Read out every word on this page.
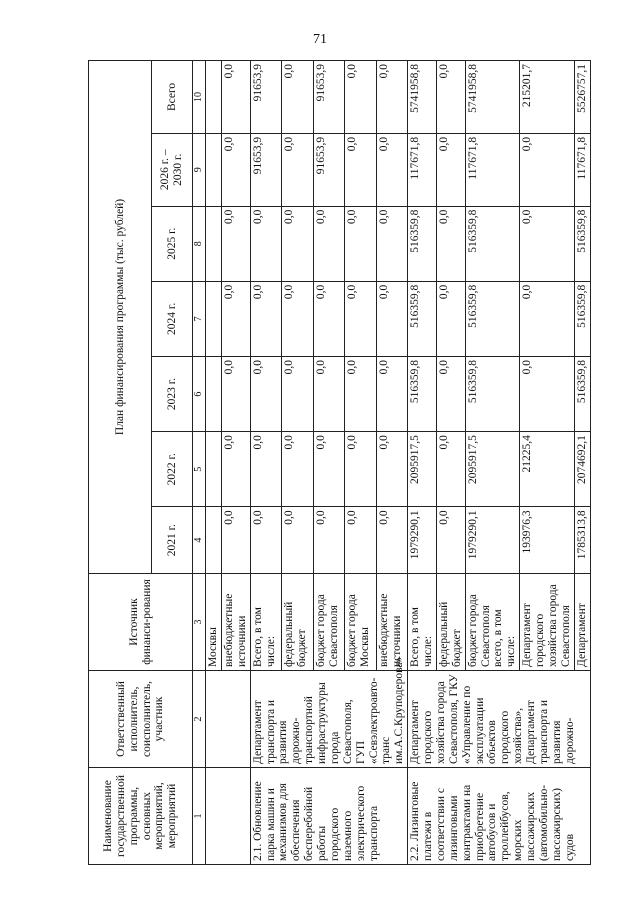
71
Наименование государственной программы, основных мероприятий, мероприятий	Ответственный исполнитель, соисполнитель, участник	Источник финанси-рования	План финансирования программы (тыс. рублей)						
			2021 г.	2022 г.	2023 г.	2024 г.	2025 г.	2026 г. – 2030 г.	Всего
1	2	3	4	5	6	7	8	9	10
		Москвы							
		внебюджетные источники	0,0	0,0	0,0	0,0	0,0	0,0	0,0
2.1. Обновление парка машин и механизмов для обеспечения бесперебойной работы городского наземного электрического транспорта	Департамент транспорта и развития дорожно-транспортной инфраструктуры города Севастополя, ГУП «Севэлектроавто-транс им.А.С.Круподерова»	Всего, в том числе:	0,0	0,0	0,0	0,0	0,0	91653,9	91653,9
		федеральный бюджет	0,0	0,0	0,0	0,0	0,0	0,0	0,0
		бюджет города Севастополя	0,0	0,0	0,0	0,0	0,0	91653,9	91653,9
		бюджет города Москвы	0,0	0,0	0,0	0,0	0,0	0,0	0,0
		внебюджетные источники	0,0	0,0	0,0	0,0	0,0	0,0	0,0
2.2. Лизинговые платежи в соответствии с лизинговыми контрактами на приобретение автобусов и троллейбусов, морских пассажирских (автомобильно-пассажирских) судов	Департамент городского хозяйства города Севастополя, ГКУ «Управление по эксплуатации объектов городского хозяйства», Департамент транспорта и развития дорожно-	Всего, в том числе:	1979290,1	2095917,5	516359,8	516359,8	516359,8	117671,8	5741958,8
		федеральный бюджет	0,0	0,0	0,0	0,0	0,0	0,0	0,0
		бюджет города Севастополя всего, в том числе:	1979290,1	2095917,5	516359,8	516359,8	516359,8	117671,8	5741958,8
		Департамент городского хозяйства города Севастополя	193976,3	21225,4	0,0	0,0	0,0	0,0	215201,7
		Департамент	1785313,8	2074692,1	516359,8	516359,8	516359,8	117671,8	5526757,1
